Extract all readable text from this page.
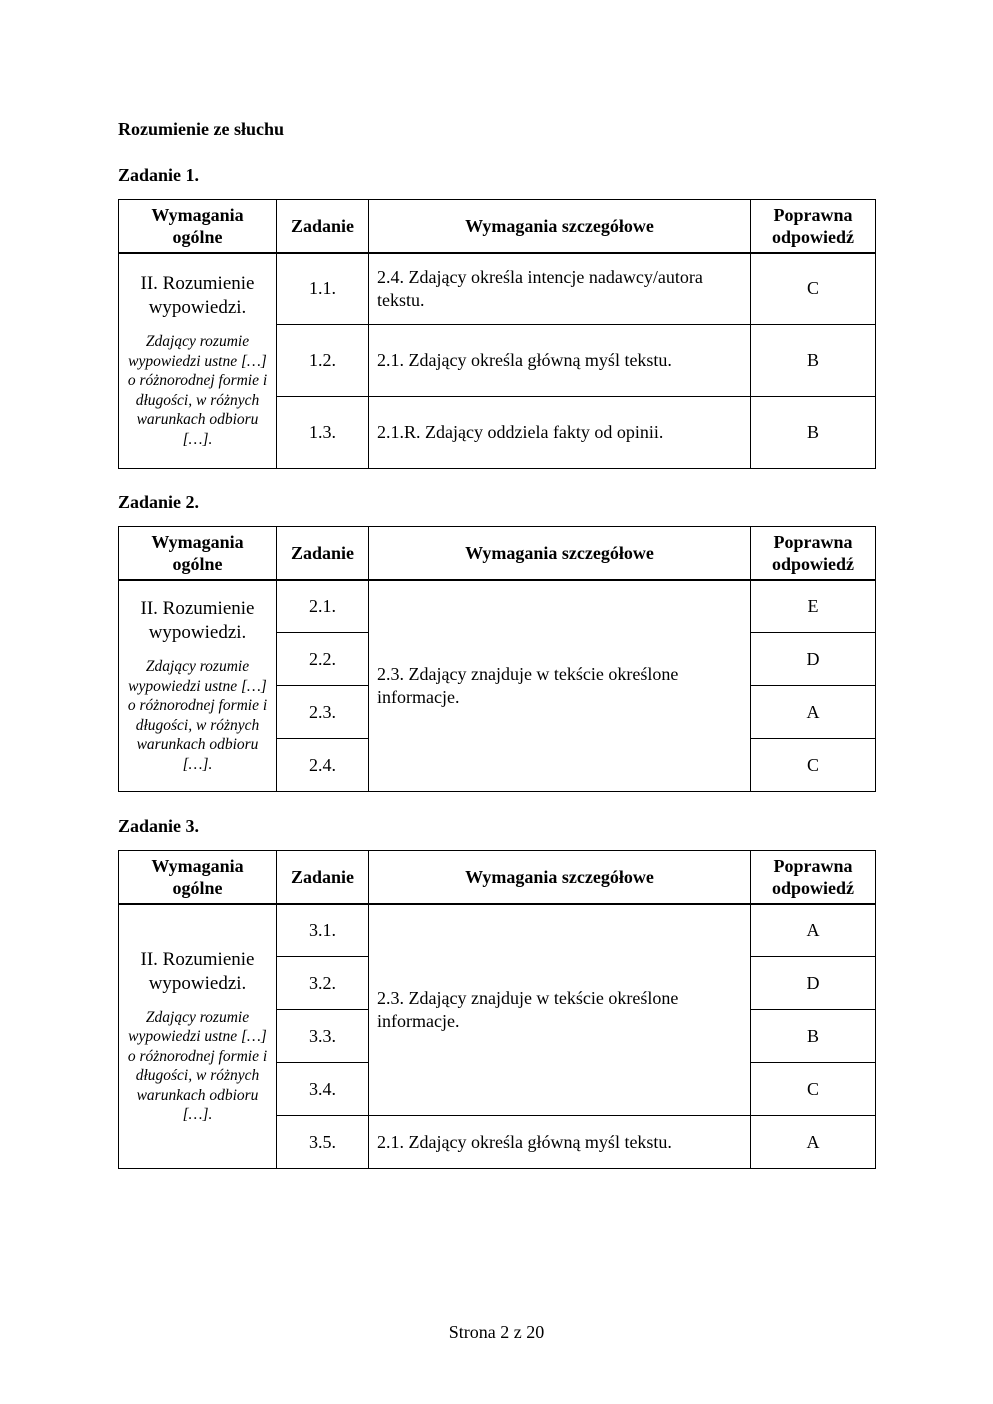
Rozumienie ze słuchu
Zadanie 1.
Wymagania ogólne	Zadanie	Wymagania szczegółowe	Poprawna odpowiedź

II. Rozumienie wypowiedzi.
Zdający rozumie wypowiedzi ustne […] o różnorodnej formie i długości, w różnych warunkach odbioru […].	1.1.	2.4. Zdający określa intencje nadawcy/autora tekstu.	C
	1.2.	2.1. Zdający określa główną myśl tekstu.	B
	1.3.	2.1.R. Zdający oddziela fakty od opinii.	B
Zadanie 2.
Wymagania ogólne	Zadanie	Wymagania szczegółowe	Poprawna odpowiedź

II. Rozumienie wypowiedzi.
Zdający rozumie wypowiedzi ustne […] o różnorodnej formie i długości, w różnych warunkach odbioru […].	2.1.	2.3. Zdający znajduje w tekście określone informacje.	E
	2.2.		D
	2.3.		A
	2.4.		C
Zadanie 3.
Wymagania ogólne	Zadanie	Wymagania szczegółowe	Poprawna odpowiedź

II. Rozumienie wypowiedzi.
Zdający rozumie wypowiedzi ustne […] o różnorodnej formie i długości, w różnych warunkach odbioru […].	3.1.	2.3. Zdający znajduje w tekście określone informacje.	A
	3.2.		D
	3.3.		B
	3.4.		C
	3.5.	2.1. Zdający określa główną myśl tekstu.	A
Strona 2 z 20
